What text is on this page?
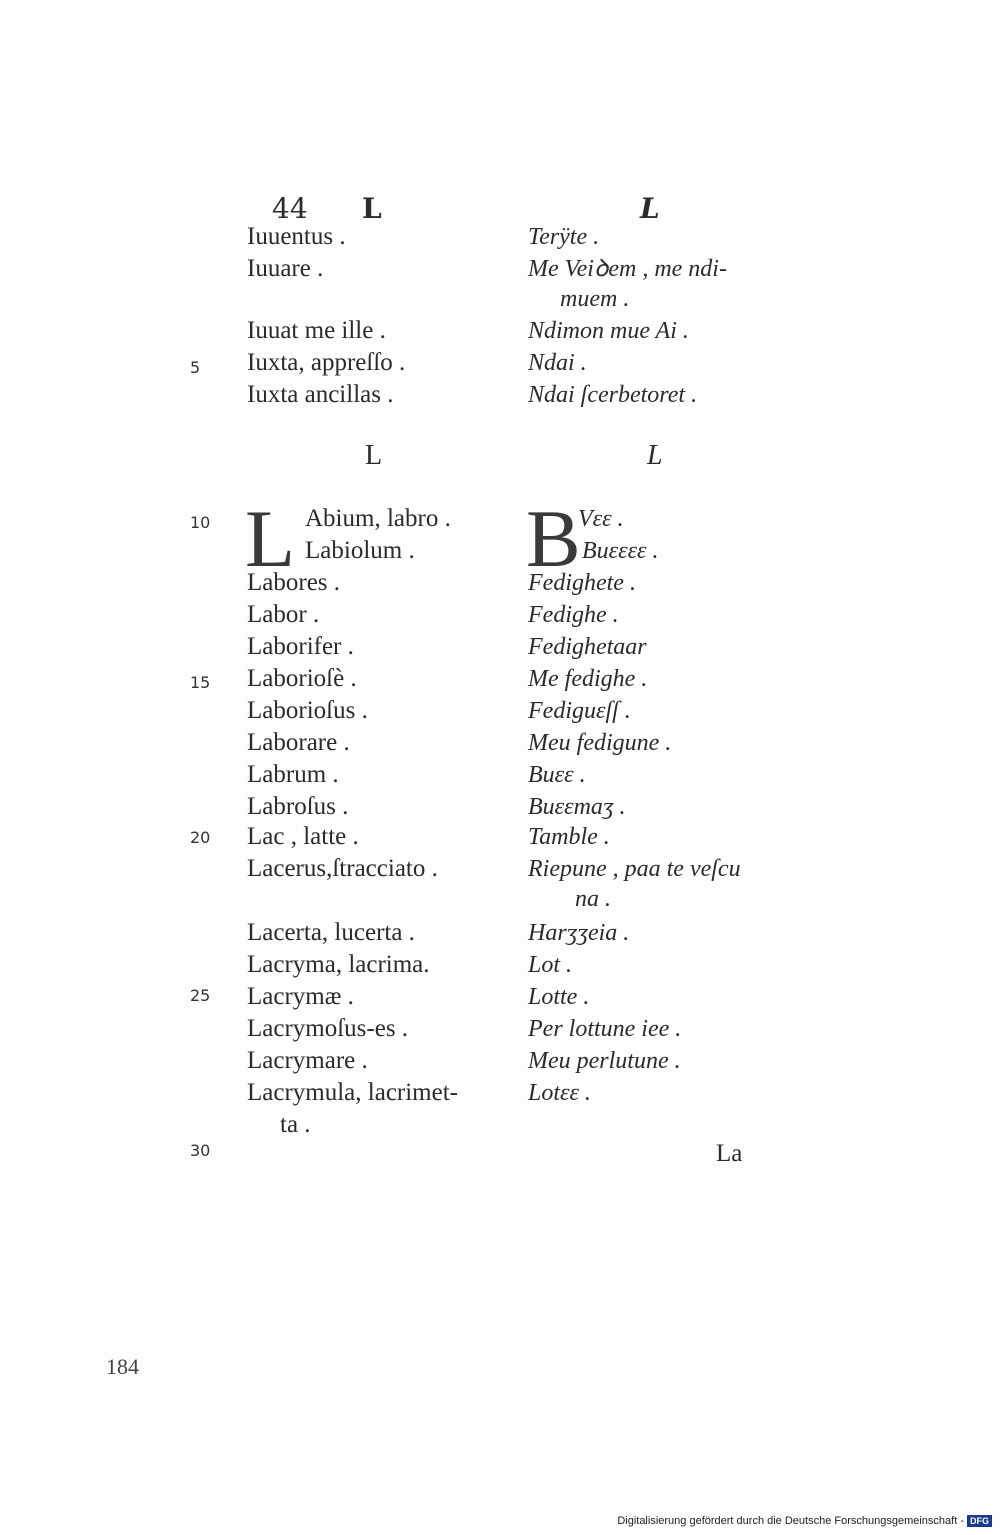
44 L	L
Iuuentus .	Terÿte .
Iuuare .	Me Veiꝺem , me ndi-
muem .
Iuuat me ille .	Ndimon mue Ai .
5 Iuxta, appreſſo .	Ndai .
Iuxta ancillas .	Ndai ſcerbetoret .
L	L
L	B
10	Abium, labro .	Vεε .
Labiolum .	Buεεεε .
Labores .	Fedighete .
Labor .	Fedighe .
Laborifer .	Fedighetaar
15 Laborioſè .	Me fedighe .
Laborioſus .	Fediguεſſ .
Laborare .	Meu fedigune .
Labrum .	Buεε .
Labroſus .	Buεεmaʒ .
20 Lac , latte .	Tamble .
Lacerus,ſtracciato .	Riepune , paa te veſcu
na .
Lacerta, lucerta .	Harʒʒeia .
Lacryma, lacrima.	Lot .
25 Lacrymæ .	Lotte .
Lacrymoſus-es .	Per lottune iee .
Lacrymare .	Meu perlutune .
Lacrymula, lacrimet-	Lotεε .
ta .
30	La
184
Digitalisierung gefördert durch die Deutsche Forschungsgemeinschaft - DFG
